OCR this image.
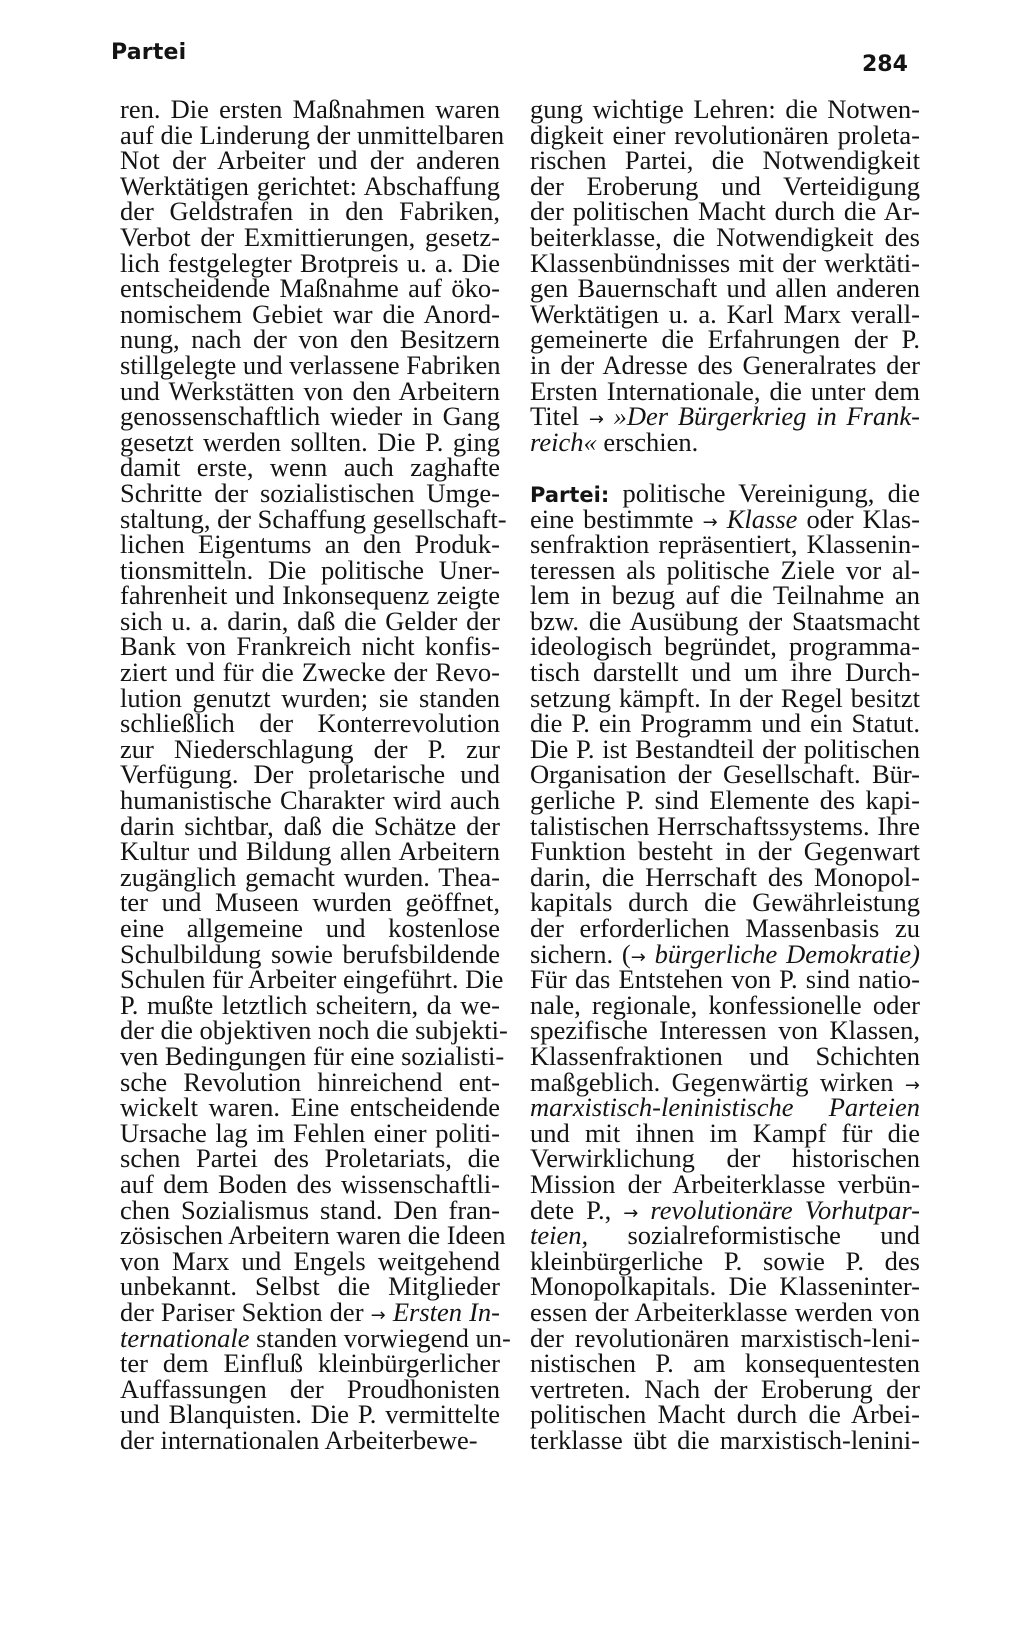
Partei	284
ren. Die ersten Maßnahmen waren
auf die Linderung der unmittelbaren
Not der Arbeiter und der anderen
Werktätigen gerichtet: Abschaffung
der Geldstrafen in den Fabriken,
Verbot der Exmittierungen, gesetz-
lich festgelegter Brotpreis u. a. Die
entscheidende Maßnahme auf öko-
nomischem Gebiet war die Anord-
nung, nach der von den Besitzern
stillgelegte und verlassene Fabriken
und Werkstätten von den Arbeitern
genossenschaftlich wieder in Gang
gesetzt werden sollten. Die P. ging
damit erste, wenn auch zaghafte
Schritte der sozialistischen Umge-
staltung, der Schaffung gesellschaft-
lichen Eigentums an den Produk-
tionsmitteln. Die politische Uner-
fahrenheit und Inkonsequenz zeigte
sich u. a. darin, daß die Gelder der
Bank von Frankreich nicht konfis-
ziert und für die Zwecke der Revo-
lution genutzt wurden; sie standen
schließlich der Konterrevolution
zur Niederschlagung der P. zur
Verfügung. Der proletarische und
humanistische Charakter wird auch
darin sichtbar, daß die Schätze der
Kultur und Bildung allen Arbeitern
zugänglich gemacht wurden. Thea-
ter und Museen wurden geöffnet,
eine allgemeine und kostenlose
Schulbildung sowie berufsbildende
Schulen für Arbeiter eingeführt. Die
P. mußte letztlich scheitern, da we-
der die objektiven noch die subjekti-
ven Bedingungen für eine sozialisti-
sche Revolution hinreichend ent-
wickelt waren. Eine entscheidende
Ursache lag im Fehlen einer politi-
schen Partei des Proletariats, die
auf dem Boden des wissenschaftli-
chen Sozialismus stand. Den fran-
zösischen Arbeitern waren die Ideen
von Marx und Engels weitgehend
unbekannt. Selbst die Mitglieder
der Pariser Sektion der → Ersten In-
ternationale standen vorwiegend un-
ter dem Einfluß kleinbürgerlicher
Auffassungen der Proudhonisten
und Blanquisten. Die P. vermittelte
der internationalen Arbeiterbewe-
gung wichtige Lehren: die Notwen-
digkeit einer revolutionären proleta-
rischen Partei, die Notwendigkeit
der Eroberung und Verteidigung
der politischen Macht durch die Ar-
beiterklasse, die Notwendigkeit des
Klassenbündnisses mit der werktäti-
gen Bauernschaft und allen anderen
Werktätigen u. a. Karl Marx verall-
gemeinerte die Erfahrungen der P.
in der Adresse des Generalrates der
Ersten Internationale, die unter dem
Titel → »Der Bürgerkrieg in Frank-
reich« erschien.
Partei: politische Vereinigung, die
eine bestimmte → Klasse oder Klas-
senfraktion repräsentiert, Klassenin-
teressen als politische Ziele vor al-
lem in bezug auf die Teilnahme an
bzw. die Ausübung der Staatsmacht
ideologisch begründet, programma-
tisch darstellt und um ihre Durch-
setzung kämpft. In der Regel besitzt
die P. ein Programm und ein Statut.
Die P. ist Bestandteil der politischen
Organisation der Gesellschaft. Bür-
gerliche P. sind Elemente des kapi-
talistischen Herrschaftssystems. Ihre
Funktion besteht in der Gegenwart
darin, die Herrschaft des Monopol-
kapitals durch die Gewährleistung
der erforderlichen Massenbasis zu
sichern. (→ bürgerliche Demokratie)
Für das Entstehen von P. sind natio-
nale, regionale, konfessionelle oder
spezifische Interessen von Klassen,
Klassenfraktionen und Schichten
maßgeblich. Gegenwärtig wirken →
marxistisch-leninistische Parteien
und mit ihnen im Kampf für die
Verwirklichung der historischen
Mission der Arbeiterklasse verbün-
dete P., → revolutionäre Vorhutpar-
teien, sozialreformistische und
kleinbürgerliche P. sowie P. des
Monopolkapitals. Die Klasseninter-
essen der Arbeiterklasse werden von
der revolutionären marxistisch-leni-
nistischen P. am konsequentesten
vertreten. Nach der Eroberung der
politischen Macht durch die Arbei-
terklasse übt die marxistisch-lenini-
